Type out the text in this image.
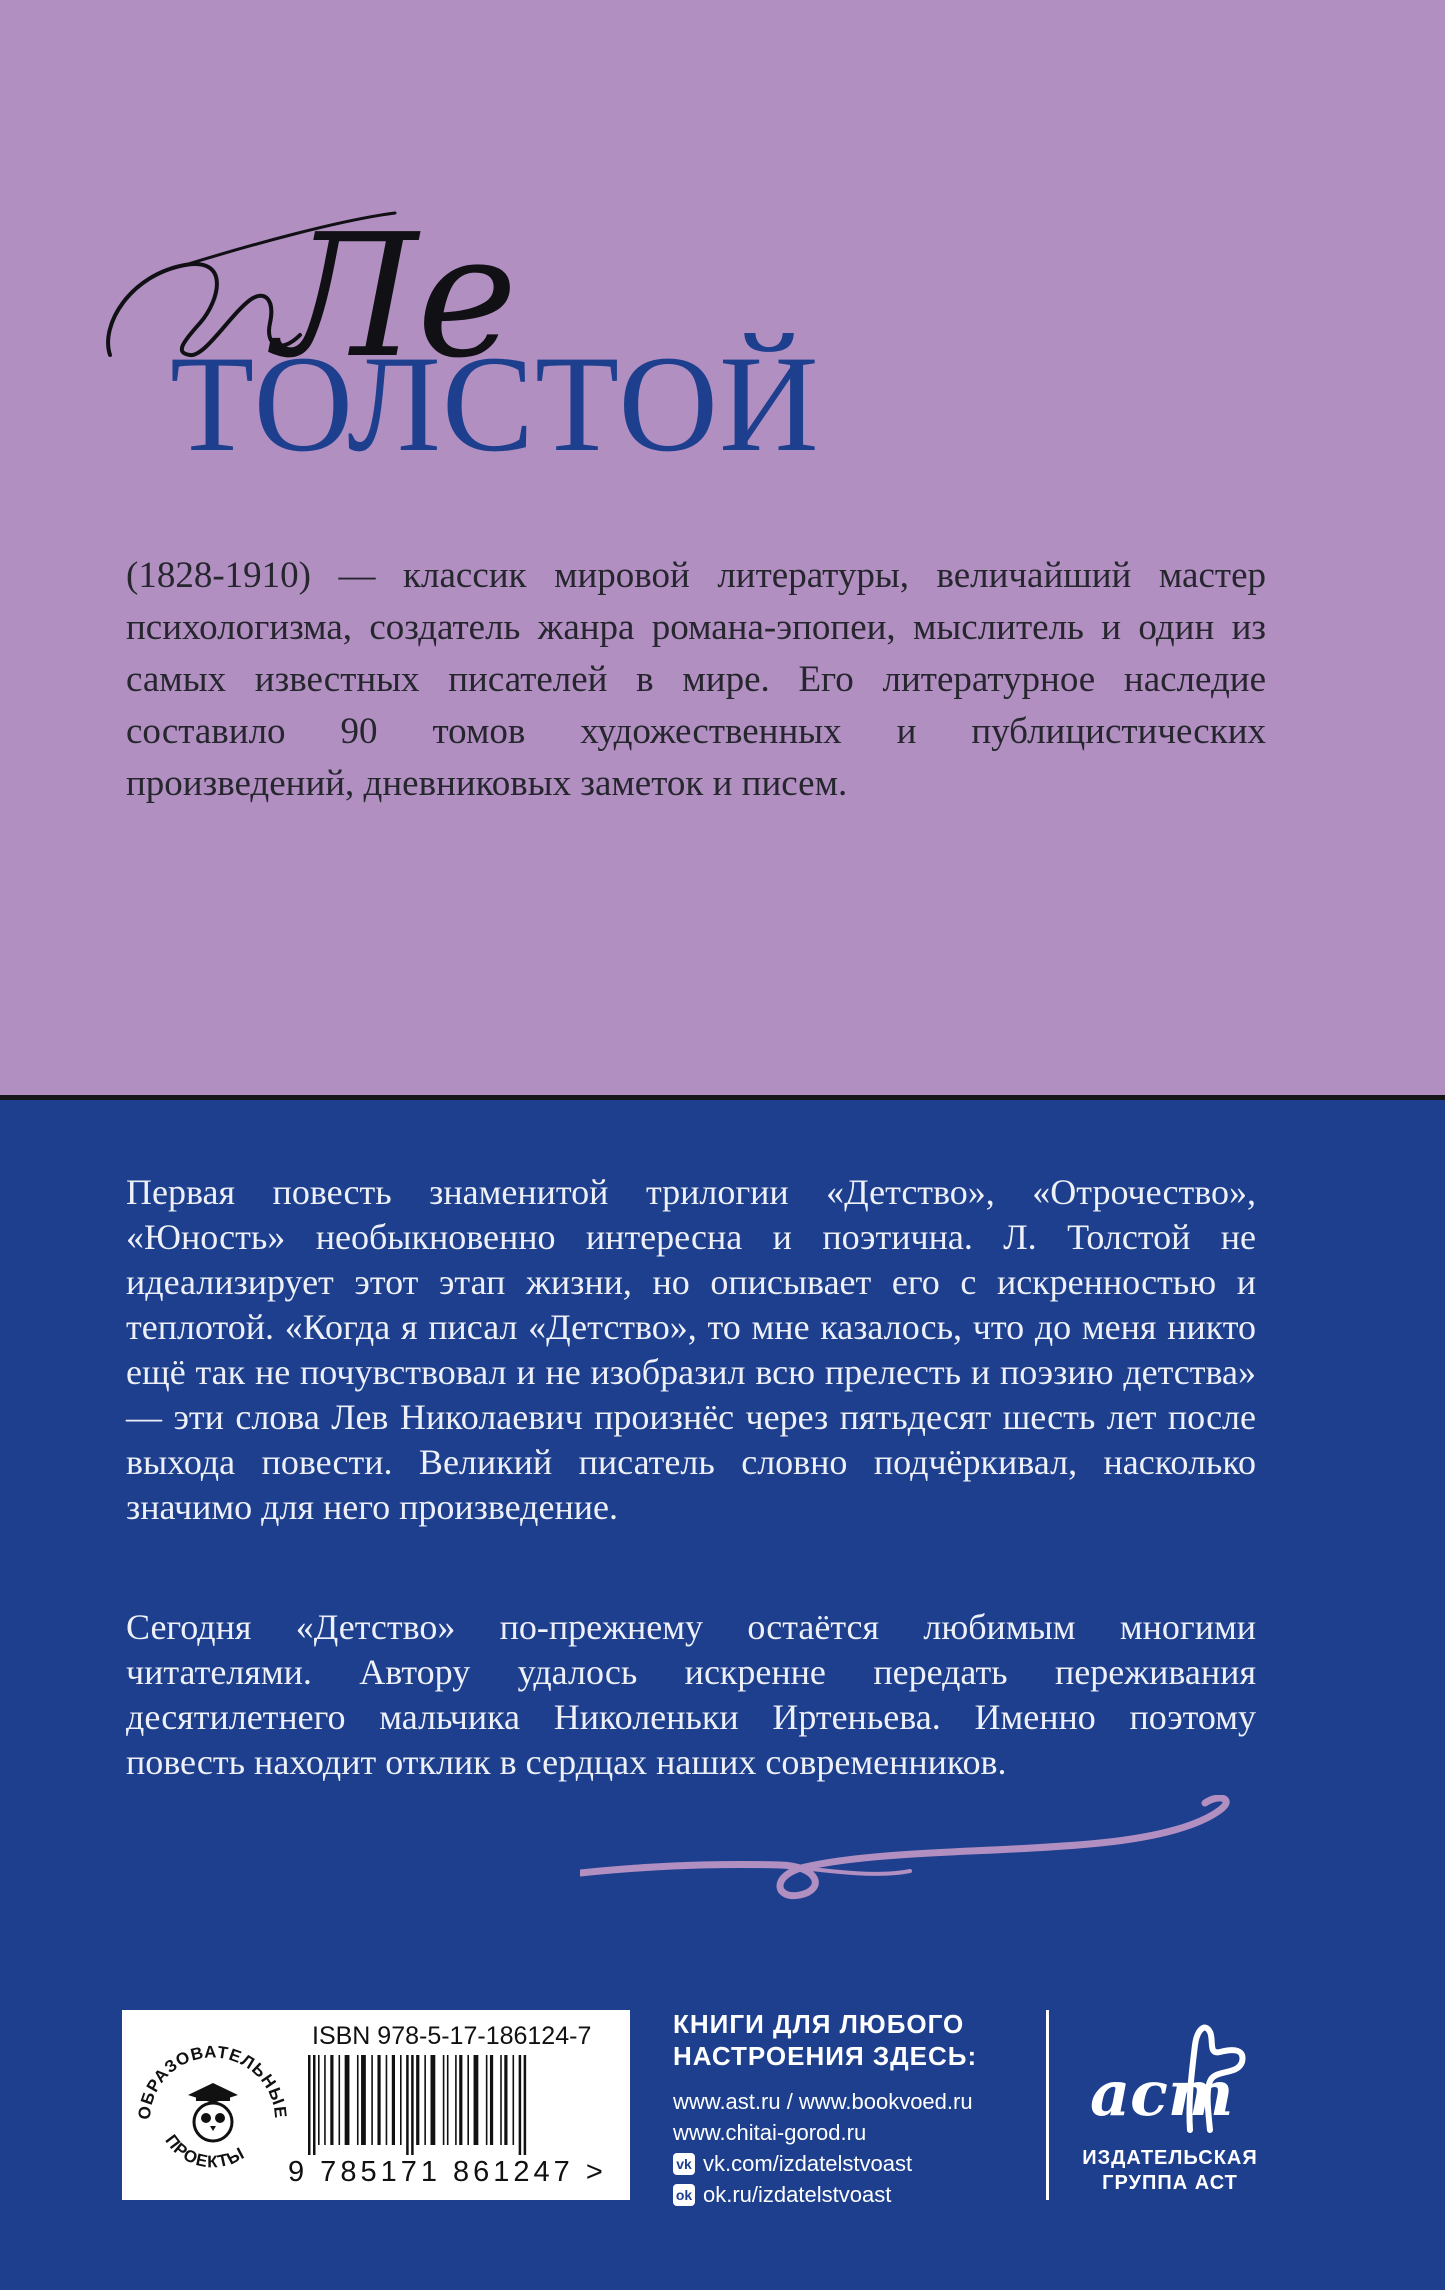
Ле
ТОЛСТОЙ
(1828-1910) — классик мировой литературы, величайший мастер психологизма, создатель жанра романа-эпопеи, мыслитель и один из самых известных писателей в мире. Его литературное наследие составило 90 томов художественных и публицистических произведений, дневниковых заметок и писем.

Первая повесть знаменитой трилогии «Детство», «Отрочество», «Юность» необыкновенно интересна и поэтична. Л. Толстой не идеализирует этот этап жизни, но описывает его с искренностью и теплотой. «Когда я писал «Детство», то мне казалось, что до меня никто ещё так не почувствовал и не изобразил всю прелесть и поэзию детства» — эти слова Лев Николаевич произнёс через пятьдесят шесть лет после выхода повести. Великий писатель словно подчёркивал, насколько значимо для него произведение.

Сегодня «Детство» по-прежнему остаётся любимым многими читателями. Автору удалось искренне передать переживания десятилетнего мальчика Николеньки Иртеньева. Именно поэтому повесть находит отклик в сердцах наших современников.

ОБРАЗОВАТЕЛЬНЫЕ
ПРОЕКТЫ
ISBN 978-5-17-186124-7
9 785171 861247 >
КНИГИ ДЛЯ ЛЮБОГО НАСТРОЕНИЯ ЗДЕСЬ:
www.ast.ru / www.bookvoed.ru
www.chitai-gorod.ru
vk vk.com/izdatelstvoast
ok ok.ru/izdatelstvoast
аст
ИЗДАТЕЛЬСКАЯ ГРУППА АСТ
